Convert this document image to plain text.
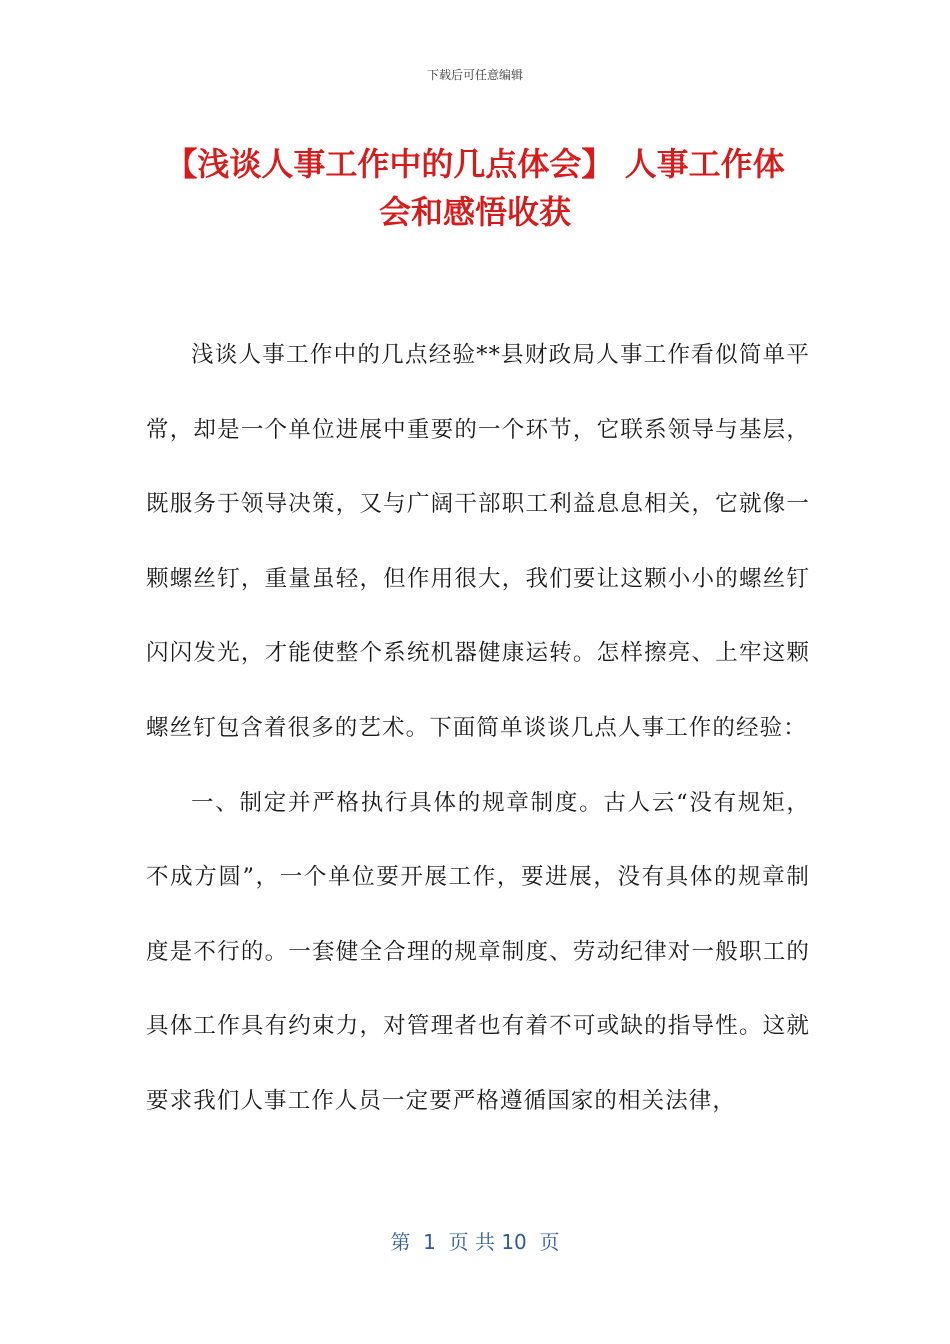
下载后可任意编辑
【浅谈人事工作中的几点体会】 人事工作体
会和感悟收获

浅谈人事工作中的几点经验**县财政局人事工作看似简单平常，却是一个单位进展中重要的一个环节，它联系领导与基层，既服务于领导决策，又与广阔干部职工利益息息相关，它就像一颗螺丝钉，重量虽轻，但作用很大，我们要让这颗小小的螺丝钉闪闪发光，才能使整个系统机器健康运转。怎样擦亮、上牢这颗螺丝钉包含着很多的艺术。下面简单谈谈几点人事工作的经验：

一、制定并严格执行具体的规章制度。古人云“没有规矩，不成方圆”，一个单位要开展工作，要进展，没有具体的规章制度是不行的。一套健全合理的规章制度、劳动纪律对一般职工的具体工作具有约束力，对管理者也有着不可或缺的指导性。这就要求我们人事工作人员一定要严格遵循国家的相关法律，

第  1  页 共 10  页
